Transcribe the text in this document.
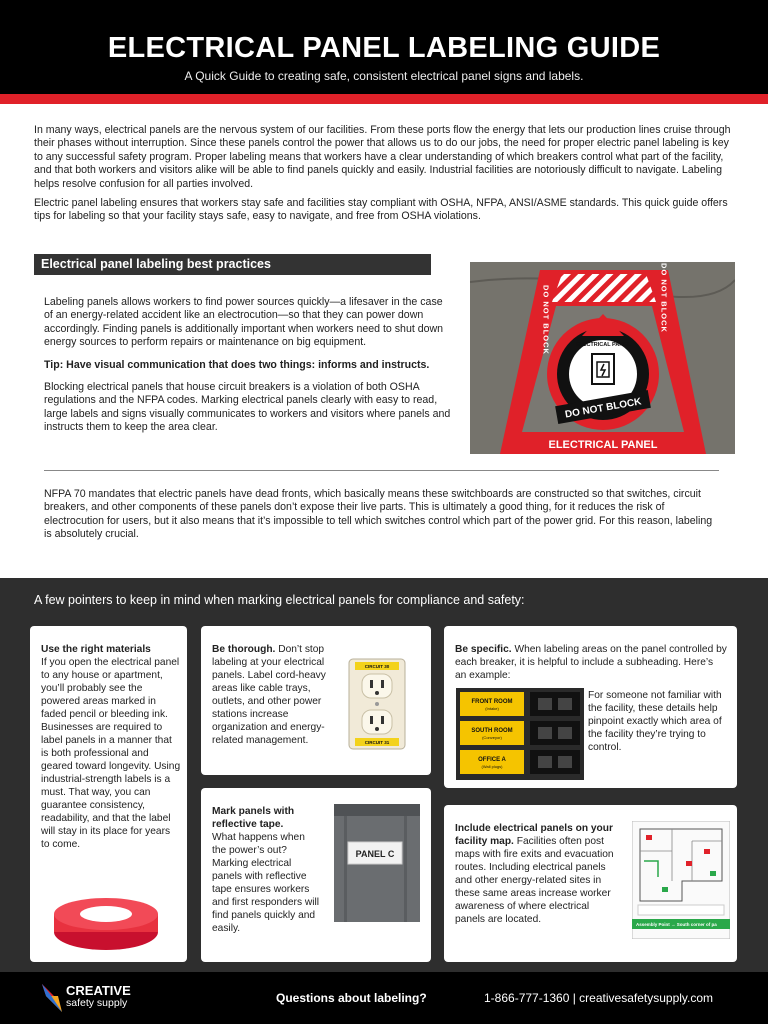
ELECTRICAL PANEL LABELING GUIDE
A Quick Guide to creating safe, consistent electrical panel signs and labels.

In many ways, electrical panels are the nervous system of our facilities. From these ports flow the energy that lets our production lines cruise through their phases without interruption. Since these panels control the power that allows us to do our jobs, the need for proper electric panel labeling is key to any successful safety program. Proper labeling means that workers have a clear understanding of which breakers control what part of the facility, and that both workers and visitors alike will be able to find panels quickly and easily. Industrial facilities are notoriously difficult to navigate. Labeling helps resolve confusion for all parties involved.

Electric panel labeling ensures that workers stay safe and facilities stay compliant with OSHA, NFPA, ANSI/ASME standards. This quick guide offers tips for labeling so that your facility stays safe, easy to navigate, and free from OSHA violations.

Electrical panel labeling best practices

Labeling panels allows workers to find power sources quickly—a lifesaver in the case of an energy-related accident like an electrocution—so that they can power down accordingly. Finding panels is additionally important when workers need to shut down energy sources to perform repairs or maintenance on big equipment.

Tip: Have visual communication that does two things: informs and instructs.

Blocking electrical panels that house circuit breakers is a violation of both OSHA regulations and the NFPA codes. Marking electrical panels clearly with easy to read, large labels and signs visually communicates to workers and visitors where panels and instructs them to keep the area clear.

DO NOT BLOCK
ELECTRICAL PANEL
ELECTRICAL PANEL
DO NOT BLOCK	DO NOT BLOCK
NFPA 70 mandates that electric panels have dead fronts, which basically means these switchboards are constructed so that switches, circuit breakers, and other components of these panels don’t expose their live parts. This is ultimately a good thing, for it reduces the risk of electrocution for users, but it also means that it’s impossible to tell which switches control which part of the power grid. For this reason, labeling is absolutely crucial.
A few pointers to keep in mind when marking electrical panels for compliance and safety:
Use the right materials
If you open the electrical panel to any house or apartment, you’ll probably see the powered areas marked in faded pencil or bleeding ink. Businesses are required to label panels in a manner that is both professional and geared toward longevity. Using industrial-strength labels is a must. That way, you can guarantee consistency, readability, and that the label will stay in its place for years to come.
Be thorough. Don’t stop labeling at your electrical panels. Label cord-heavy areas like cable trays, outlets, and other power stations increase organization and energy-related management.
CIRCUIT 30
CIRCUIT 31
Be specific. When labeling areas on the panel controlled by each breaker, it is helpful to include a subheading. Here’s an example:
FRONT ROOM
(Intake)
SOUTH ROOM
(Conveyor)
OFFICE A
(Wall plugs)
For someone not familiar with the facility, these details help pinpoint exactly which area of the facility they’re trying to control.
Mark panels with reflective tape.
What happens when the power’s out? Marking electrical panels with reflective tape ensures workers and first responders will find panels quickly and easily.
PANEL C
Include electrical panels on your facility map. Facilities often post maps with fire exits and evacuation routes. Including electrical panels and other energy-related sites in these same areas increase worker awareness of where electrical panels are located.	Assembly Point → South corner of pa
CREATIVE
safety supply	Questions about labeling?	1-866-777-1360 | creativesafetysupply.com
